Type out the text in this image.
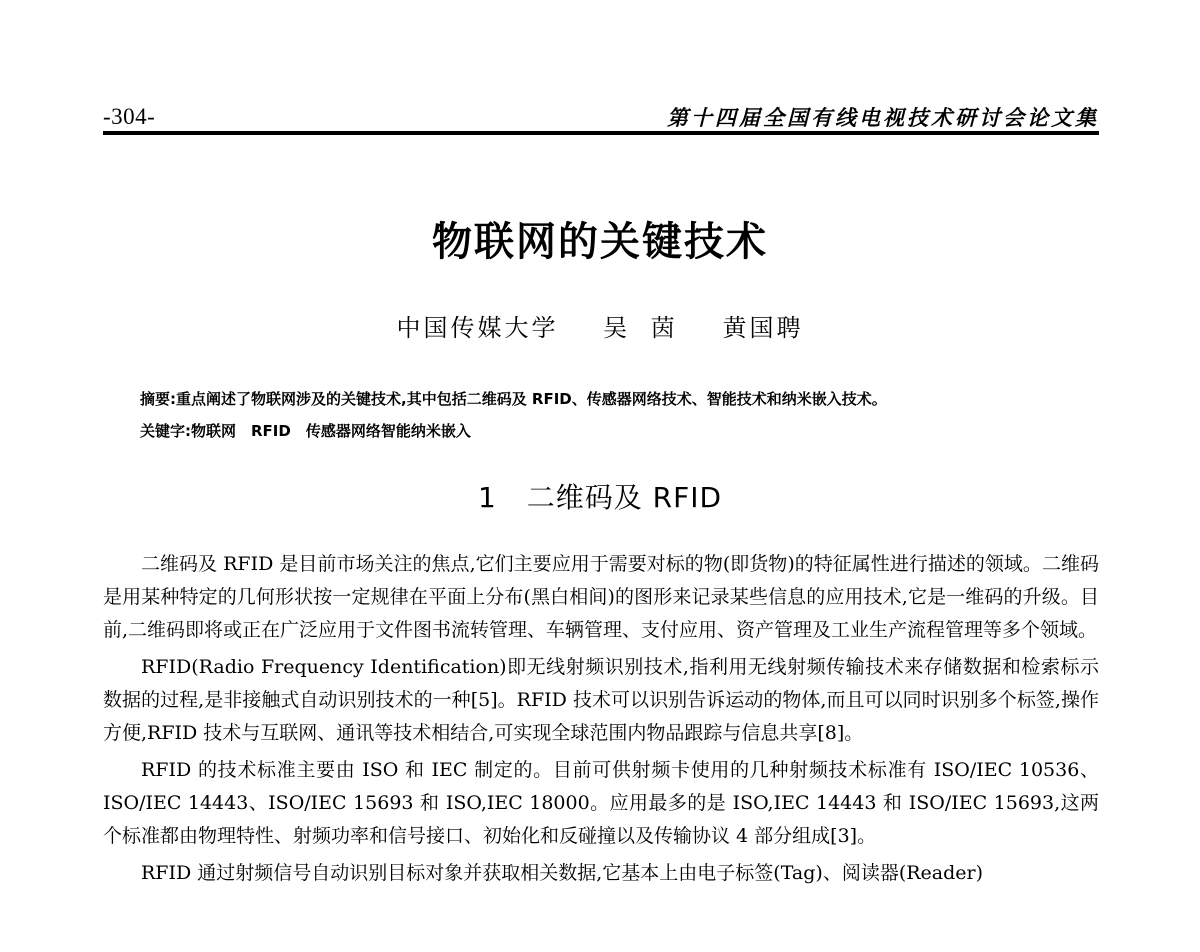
-304-	第十四届全国有线电视技术研讨会论文集
物联网的关键技术
中国传媒大学 吴 茵 黄国聘
摘要:重点阐述了物联网涉及的关键技术,其中包括二维码及 RFID、传感器网络技术、智能技术和纳米嵌入技术。
关键字:物联网　RFID　传感器网络智能纳米嵌入
1 二维码及 RFID

二维码及 RFID 是目前市场关注的焦点,它们主要应用于需要对标的物(即货物)的特征属性进行描述的领域。二维码是用某种特定的几何形状按一定规律在平面上分布(黑白相间)的图形来记录某些信息的应用技术,它是一维码的升级。目前,二维码即将或正在广泛应用于文件图书流转管理、车辆管理、支付应用、资产管理及工业生产流程管理等多个领域。

RFID(Radio Frequency Identification)即无线射频识别技术,指利用无线射频传输技术来存储数据和检索标示数据的过程,是非接触式自动识别技术的一种[5]。RFID 技术可以识别告诉运动的物体,而且可以同时识别多个标签,操作方便,RFID 技术与互联网、通讯等技术相结合,可实现全球范围内物品跟踪与信息共享[8]。

RFID 的技术标准主要由 ISO 和 IEC 制定的。目前可供射频卡使用的几种射频技术标准有 ISO/IEC 10536、ISO/IEC 14443、ISO/IEC 15693 和 ISO,IEC 18000。应用最多的是 ISO,IEC 14443 和 ISO/IEC 15693,这两个标准都由物理特性、射频功率和信号接口、初始化和反碰撞以及传输协议 4 部分组成[3]。

RFID 通过射频信号自动识别目标对象并获取相关数据,它基本上由电子标签(Tag)、阅读器(Reader)
